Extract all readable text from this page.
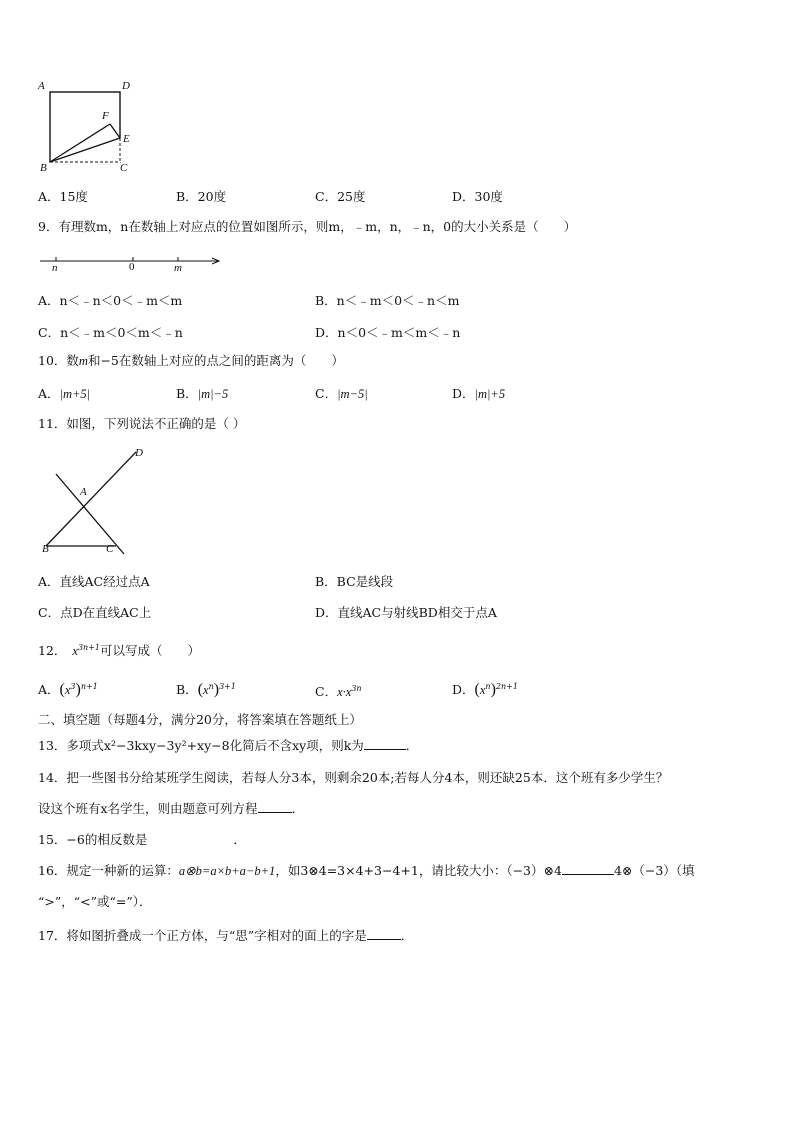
A	D
F
E
B	C
A．15度	B．20度	C．25度	D．30度
9．有理数m，n在数轴上对应点的位置如图所示，则m，﹣m，n，﹣n，0的大小关系是（　　）
n	0	m
A．n＜﹣n＜0＜﹣m＜m	B．n＜﹣m＜0＜﹣n＜m
C．n＜﹣m＜0＜m＜﹣n	D．n＜0＜﹣m＜m＜﹣n
10．数m和−5在数轴上对应的点之间的距离为（　　）
A．|m+5|	B．|m|−5	C．|m−5|	D．|m|+5
11．如图，下列说法不正确的是（ ）
D
A
B	C
A．直线AC经过点A	B．BC是线段
C．点D在直线AC上	D．直线AC与射线BD相交于点A
12． $x^{3n+1}$可以写成（　　）
A．$(x^3)^{n+1}$	B．$(x^n)^{3+1}$	C．$x\cdot x^{3n}$	D．$(x^n)^{2n+1}$
二、填空题（每题4分，满分20分，将答案填在答题纸上）
13．多项式x²−3kxy−3y²+xy−8化简后不含xy项，则k为	．
14．把一些图书分给某班学生阅读，若每人分3本，则剩余20本;若每人分4本，则还缺25本．这个班有多少学生？
设这个班有x名学生，则由题意可列方程	．
15．−6的相反数是	．
16．规定一种新的运算：a⊗b=a×b+a−b+1，如3⊗4=3×4+3−4+1，请比较大小：（−3）⊗4	4⊗（−3）（填
“>”，“<”或“=”）．
17．将如图折叠成一个正方体，与“思”字相对的面上的字是	．
